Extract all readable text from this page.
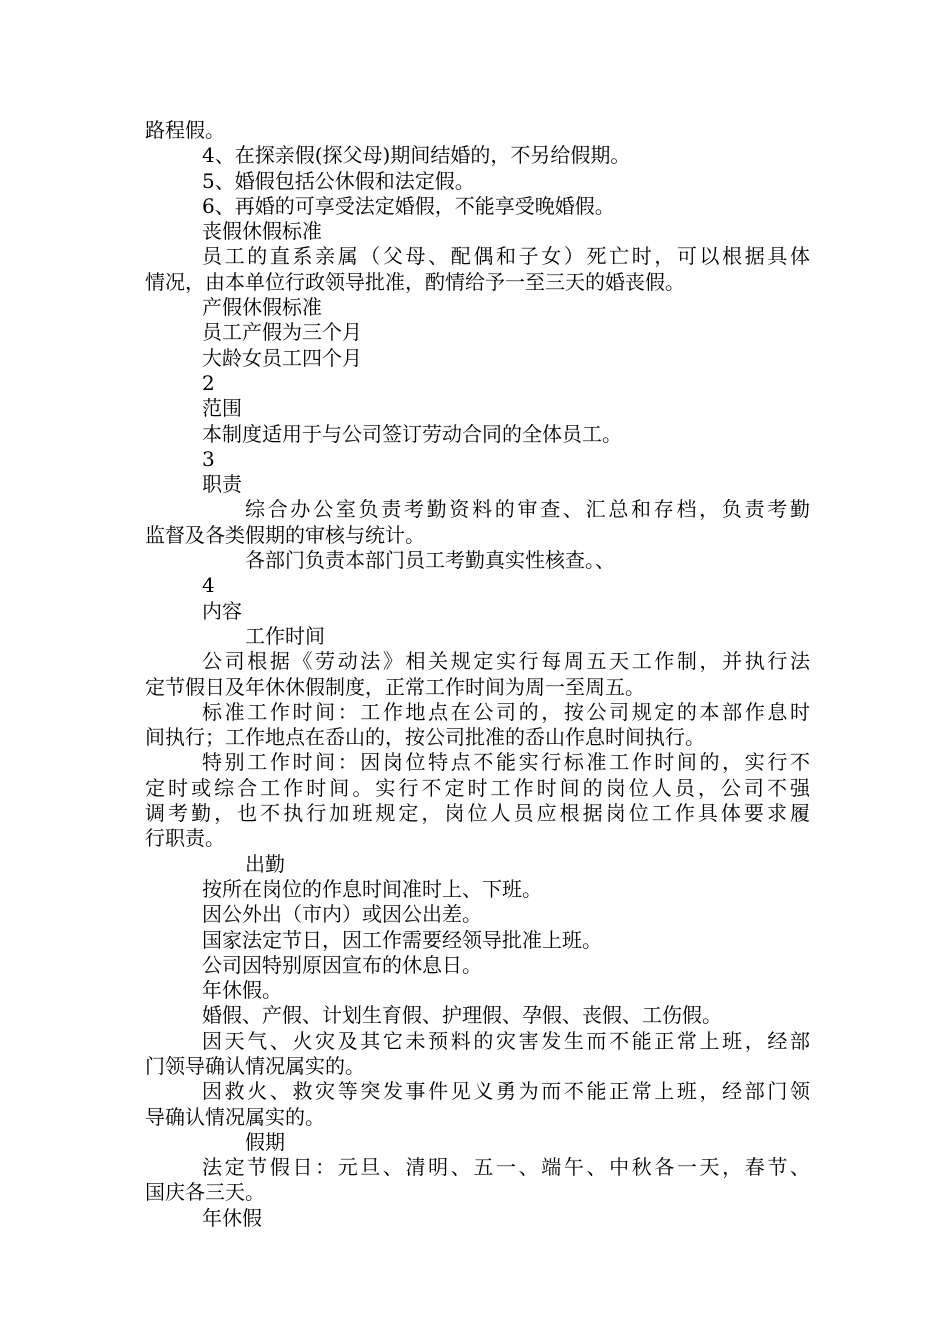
路程假。
4、在探亲假(探父母)期间结婚的，不另给假期。
5、婚假包括公休假和法定假。
6、再婚的可享受法定婚假，不能享受晚婚假。
丧假休假标准
员工的直系亲属（父母、配偶和子女）死亡时，可以根据具体
情况，由本单位行政领导批准，酌情给予一至三天的婚丧假。
产假休假标准
员工产假为三个月
大龄女员工四个月
2
范围
本制度适用于与公司签订劳动合同的全体员工。
3
职责
综合办公室负责考勤资料的审查、汇总和存档，负责考勤
监督及各类假期的审核与统计。
各部门负责本部门员工考勤真实性核查。、
4
内容
工作时间
公司根据《劳动法》相关规定实行每周五天工作制，并执行法
定节假日及年休休假制度，正常工作时间为周一至周五。
标准工作时间：工作地点在公司的，按公司规定的本部作息时
间执行；工作地点在岙山的，按公司批准的岙山作息时间执行。
特别工作时间：因岗位特点不能实行标准工作时间的，实行不
定时或综合工作时间。实行不定时工作时间的岗位人员，公司不强
调考勤，也不执行加班规定，岗位人员应根据岗位工作具体要求履
行职责。
出勤
按所在岗位的作息时间准时上、下班。
因公外出（市内）或因公出差。
国家法定节日，因工作需要经领导批准上班。
公司因特别原因宣布的休息日。
年休假。
婚假、产假、计划生育假、护理假、孕假、丧假、工伤假。
因天气、火灾及其它未预料的灾害发生而不能正常上班，经部
门领导确认情况属实的。
因救火、救灾等突发事件见义勇为而不能正常上班，经部门领
导确认情况属实的。
假期
法定节假日：元旦、清明、五一、端午、中秋各一天，春节、
国庆各三天。
年休假
